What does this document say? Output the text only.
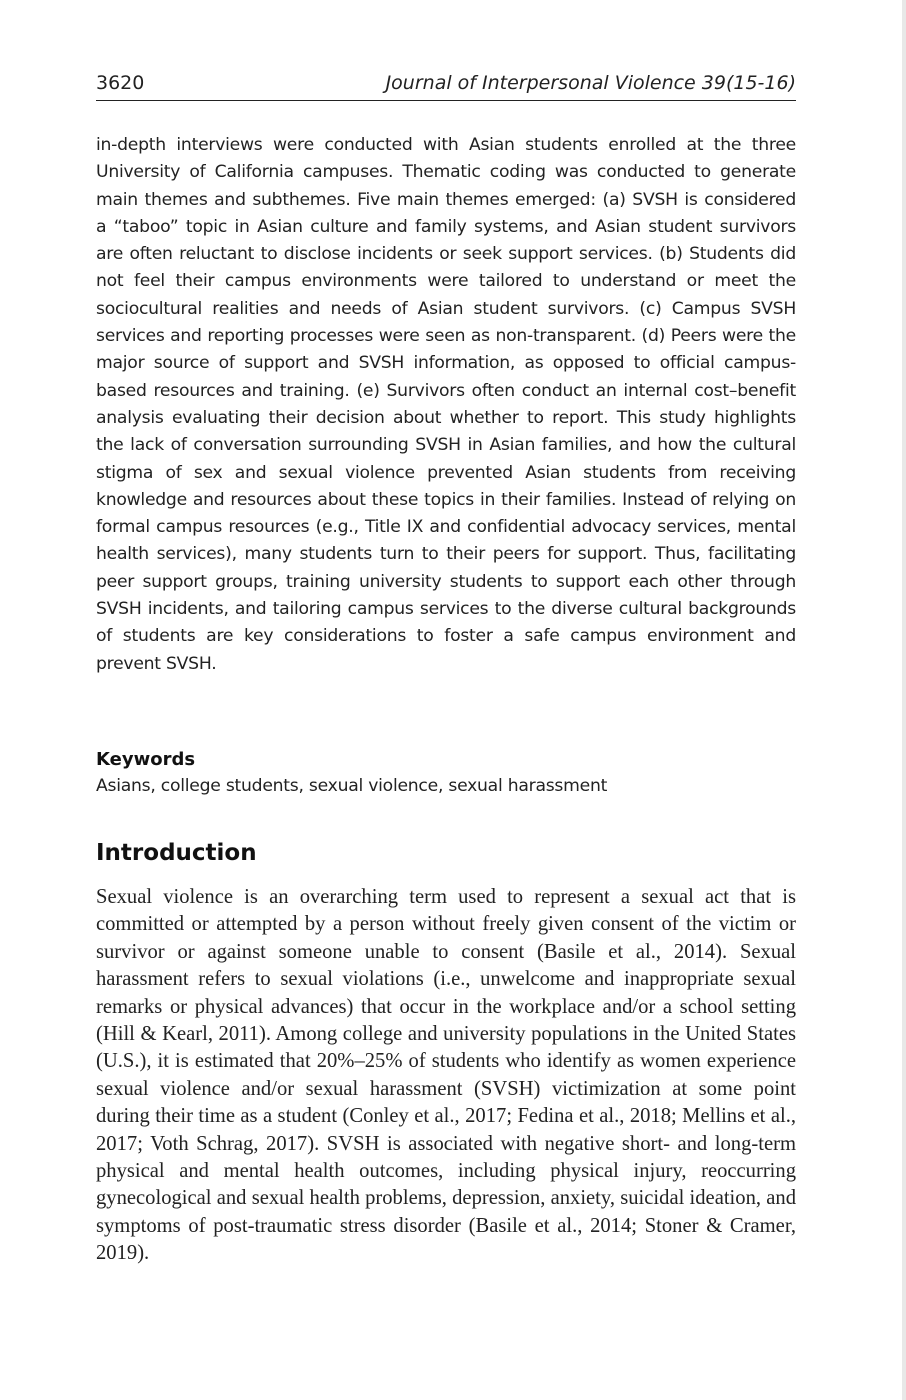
3620	Journal of Interpersonal Violence 39(15-16)

in-depth interviews were conducted with Asian students enrolled at the three University of California campuses. Thematic coding was conducted to generate main themes and subthemes. Five main themes emerged: (a) SVSH is considered a “taboo” topic in Asian culture and family systems, and Asian student survivors are often reluctant to disclose incidents or seek support services. (b) Students did not feel their campus environments were tailored to understand or meet the sociocultural realities and needs of Asian student survivors. (c) Campus SVSH services and reporting processes were seen as non-transparent. (d) Peers were the major source of support and SVSH information, as opposed to official campus-based resources and training. (e) Survivors often conduct an internal cost–benefit analysis evaluating their decision about whether to report. This study highlights the lack of conversation surrounding SVSH in Asian families, and how the cultural stigma of sex and sexual violence prevented Asian students from receiving knowledge and resources about these topics in their families. Instead of relying on formal campus resources (e.g., Title IX and confidential advocacy services, mental health services), many students turn to their peers for support. Thus, facilitating peer support groups, training university students to support each other through SVSH incidents, and tailoring campus services to the diverse cultural backgrounds of students are key considerations to foster a safe campus environment and prevent SVSH.

Keywords

Asians, college students, sexual violence, sexual harassment

Introduction

Sexual violence is an overarching term used to represent a sexual act that is committed or attempted by a person without freely given consent of the victim or survivor or against someone unable to consent (Basile et al., 2014). Sexual harassment refers to sexual violations (i.e., unwelcome and inappropriate sexual remarks or physical advances) that occur in the workplace and/​or a school setting (Hill & Kearl, 2011). Among college and university populations in the United States (U.S.), it is estimated that 20%–25% of students who identify as women experience sexual violence and/or sexual harassment (SVSH) victimization at some point during their time as a student (Conley et al., 2017; Fedina et al., 2018; Mellins et al., 2017; Voth Schrag, 2017). SVSH is associated with negative short- and long-term physical and mental health outcomes, including physical injury, reoccurring gynecological and sexual health problems, depression, anxiety, suicidal ideation, and symptoms of post-traumatic stress disorder (Basile et al., 2014; Stoner & Cramer, 2019).
